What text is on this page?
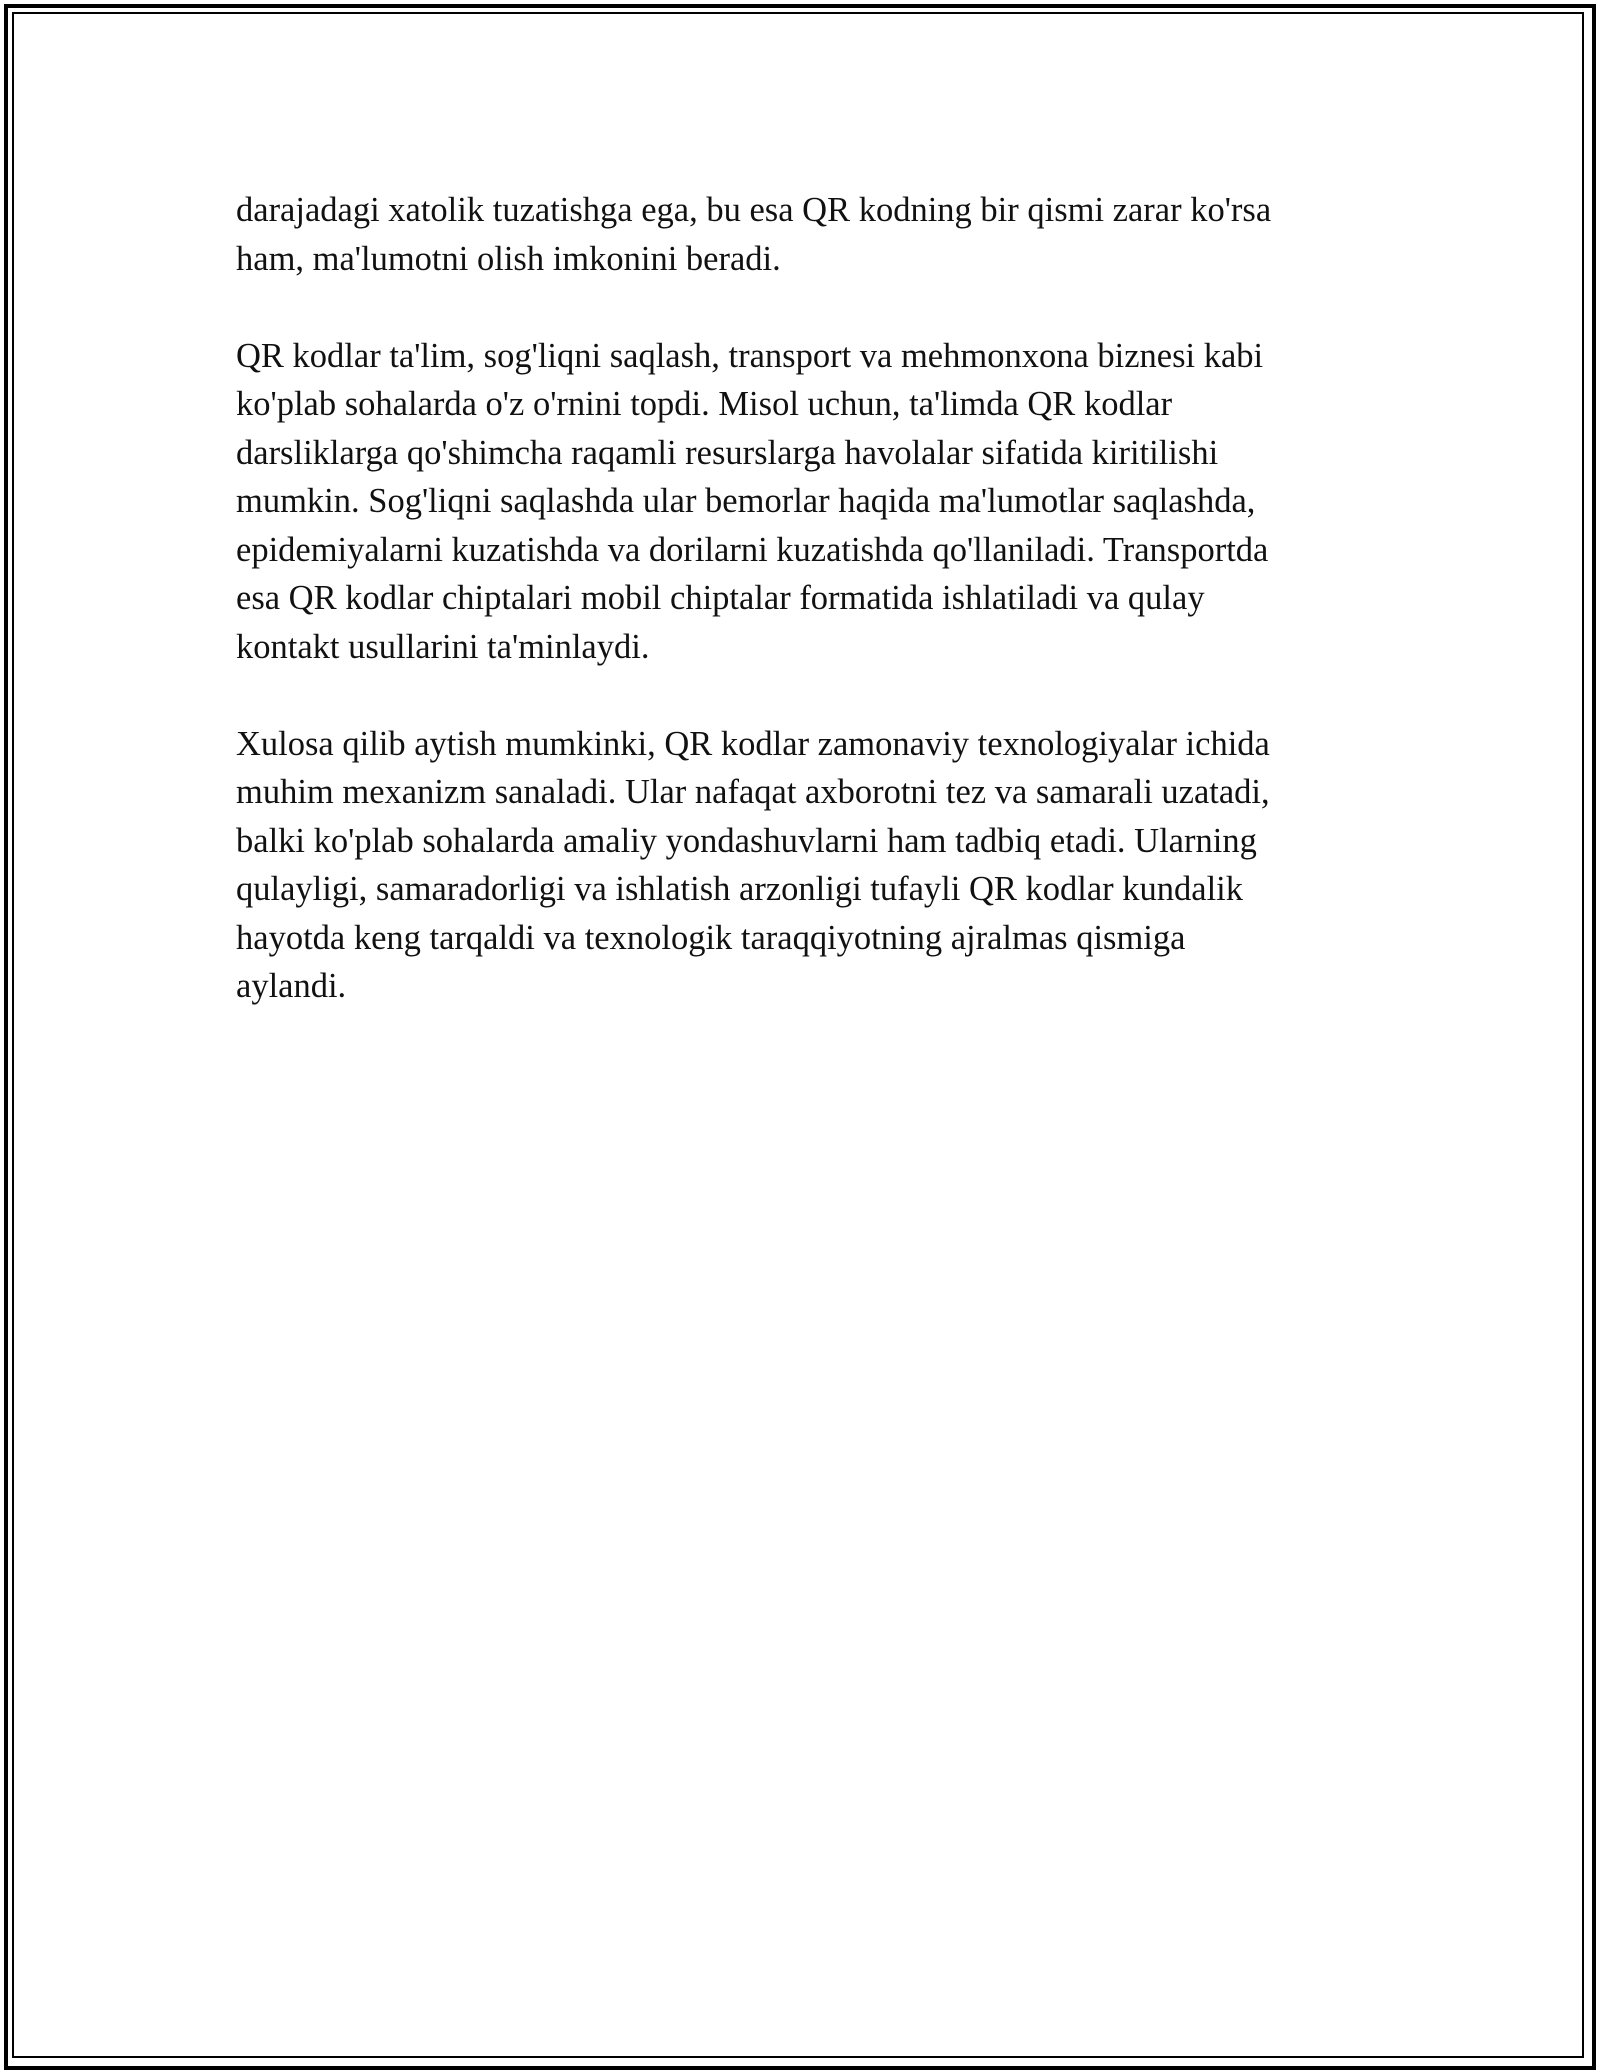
darajadagi xatolik tuzatishga ega, bu esa QR kodning bir qismi zarar ko'rsa
ham, ma'lumotni olish imkonini beradi.

QR kodlar ta'lim, sog'liqni saqlash, transport va mehmonxona biznesi kabi
ko'plab sohalarda o'z o'rnini topdi. Misol uchun, ta'limda QR kodlar
darsliklarga qo'shimcha raqamli resurslarga havolalar sifatida kiritilishi
mumkin. Sog'liqni saqlashda ular bemorlar haqida ma'lumotlar saqlashda,
epidemiyalarni kuzatishda va dorilarni kuzatishda qo'llaniladi. Transportda
esa QR kodlar chiptalari mobil chiptalar formatida ishlatiladi va qulay
kontakt usullarini ta'minlaydi.

Xulosa qilib aytish mumkinki, QR kodlar zamonaviy texnologiyalar ichida
muhim mexanizm sanaladi. Ular nafaqat axborotni tez va samarali uzatadi,
balki ko'plab sohalarda amaliy yondashuvlarni ham tadbiq etadi. Ularning
qulayligi, samaradorligi va ishlatish arzonligi tufayli QR kodlar kundalik
hayotda keng tarqaldi va texnologik taraqqiyotning ajralmas qismiga
aylandi.
